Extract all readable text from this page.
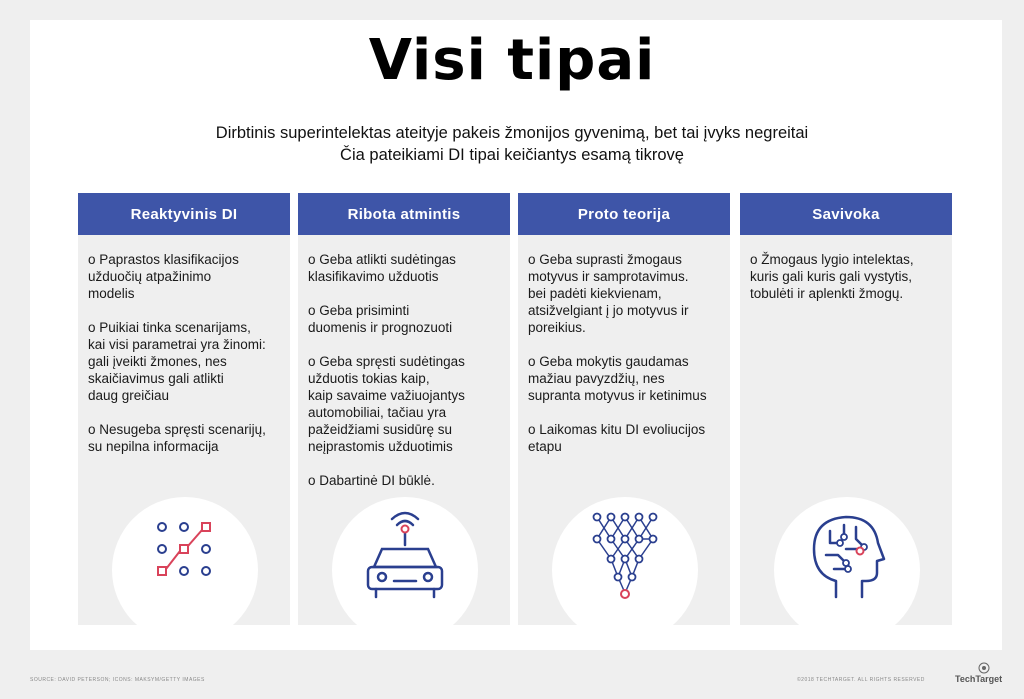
Visi tipai
Dirbtinis superintelektas ateityje pakeis žmonijos gyvenimą, bet tai įvyks negreitai
Čia pateikiami DI tipai keičiantys esamą tikrovę
Reaktyvinis DI
o Paprastos klasifikacijos
užduočių atpažinimo
modelis
o Puikiai tinka scenarijams,
kai visi parametrai yra žinomi:
gali įveikti žmones, nes
skaičiavimus gali atlikti
daug greičiau
o Nesugeba spręsti scenarijų,
su nepilna informacija
Ribota atmintis
o Geba atlikti sudėtingas
klasifikavimo užduotis
o Geba prisiminti
duomenis ir prognozuoti
o Geba spręsti sudėtingas
užduotis tokias kaip,
kaip savaime važiuojantys
automobiliai, tačiau yra
pažeidžiami susidūrę su
neįprastomis užduotimis
o Dabartinė DI būklė.
Proto teorija
o Geba suprasti žmogaus
motyvus ir samprotavimus.
bei padėti kiekvienam,
atsižvelgiant į jo motyvus ir
poreikius.
o Geba mokytis gaudamas
mažiau pavyzdžių, nes
supranta motyvus ir ketinimus
o Laikomas kitu DI evoliucijos
etapu
Savivoka
o Žmogaus lygio intelektas,
kuris gali kuris gali vystytis,
tobulėti ir aplenkti žmogų.
SOURCE: DAVID PETERSON; ICONS: MAKSYM/GETTY IMAGES	©2018 TECHTARGET. ALL RIGHTS RESERVED	TechTarget
